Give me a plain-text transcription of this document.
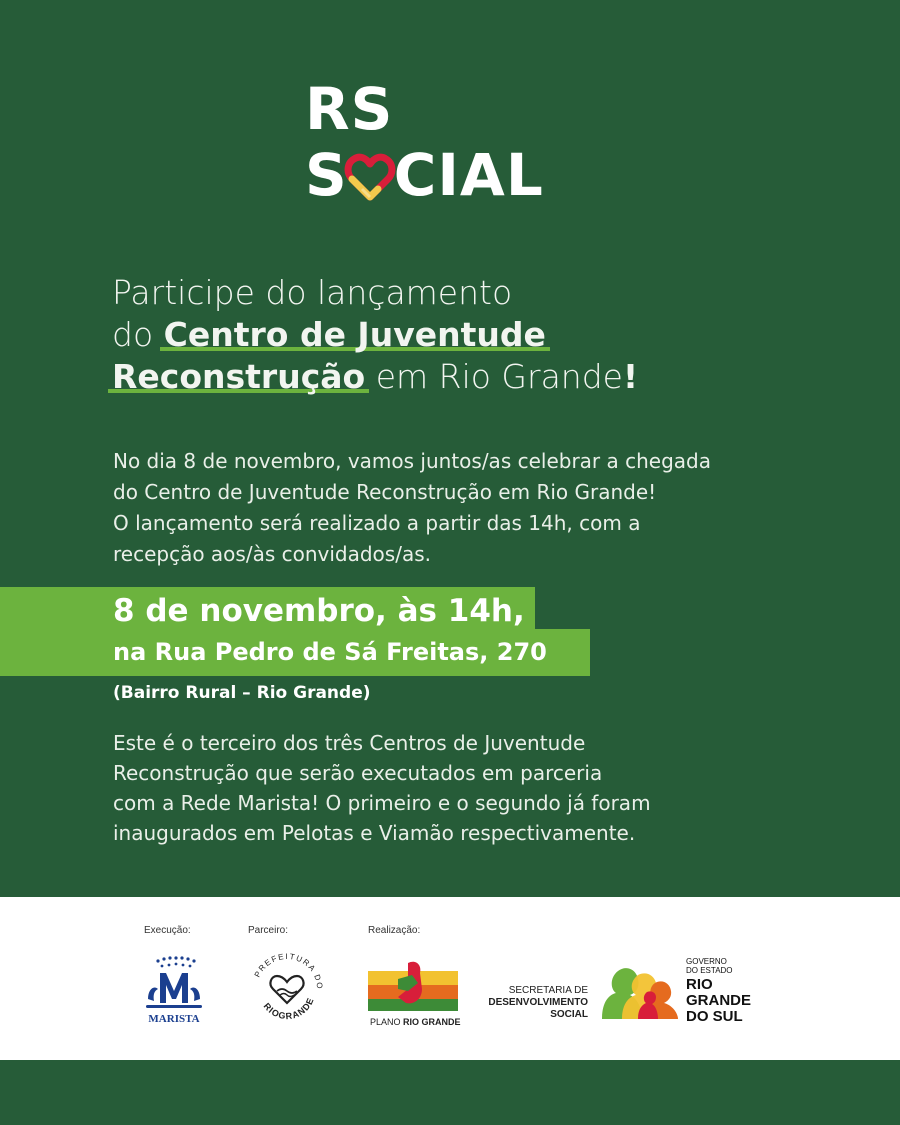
RS
S CIAL
Participe do lançamento
do Centro de Juventude
Reconstrução em Rio Grande!
No dia 8 de novembro, vamos juntos/as celebrar a chegada
do Centro de Juventude Reconstrução em Rio Grande!
O lançamento será realizado a partir das 14h, com a
recepção aos/às convidados/as.
8 de novembro, às 14h,
na Rua Pedro de Sá Freitas, 270
(Bairro Rural – Rio Grande)
Este é o terceiro dos três Centros de Juventude
Reconstrução que serão executados em parceria
com a Rede Marista! O primeiro e o segundo já foram
inaugurados em Pelotas e Viamão respectivamente.
Execução:	Parceiro:	Realização:
MARISTA
PREFEITURA DO
RIOGRANDE
PLANO RIO GRANDE
SECRETARIA DE
DESENVOLVIMENTO
SOCIAL
GOVERNO
DO ESTADO
RIO
GRANDE
DO SUL
